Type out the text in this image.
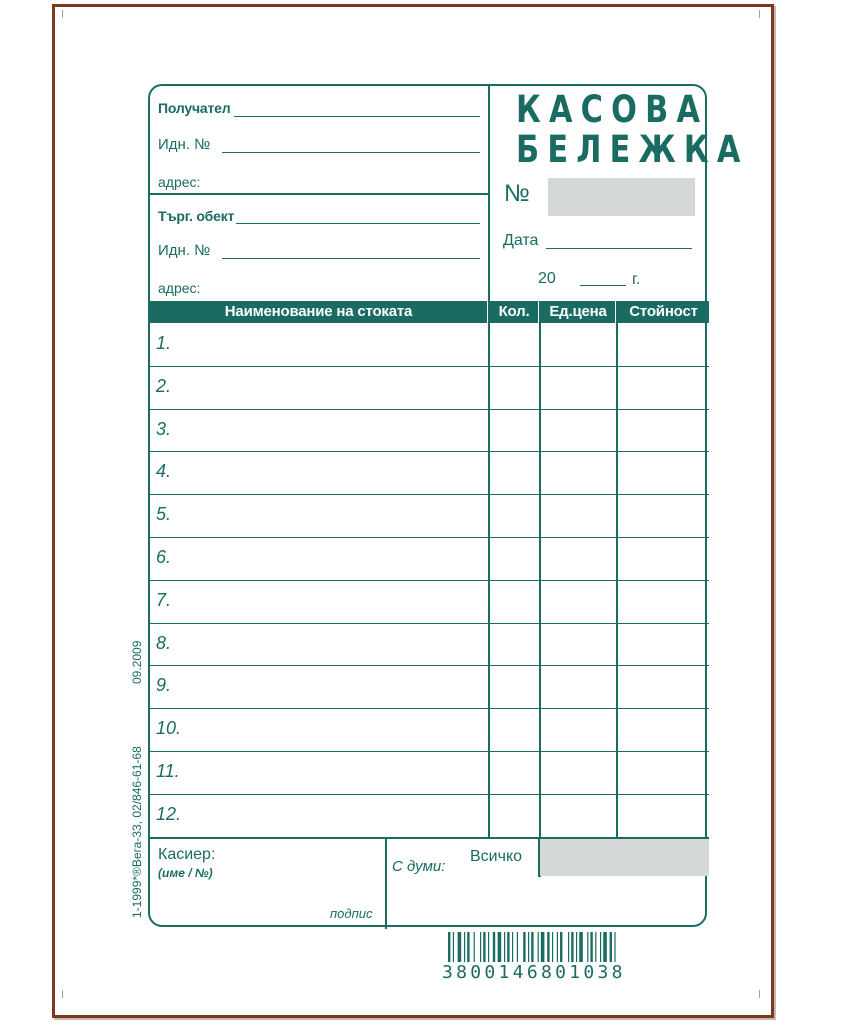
Получател
Идн. №
адрес:
Търг. обект
Идн. №
адрес:
КАСОВА
БЕЛЕЖКА
№
Дата
20	г.
Наименование на стоката	Кол.	Ед.цена	Стойност
1.
2.
3.
4.
5.
6.
7.
8.
9.
10.
11.
12.
Касиер:
(име / №)
подпис
С думи:
Всичко
1-1999*®Вега-33, 02/846-61-68
09.2009
3800146801038
